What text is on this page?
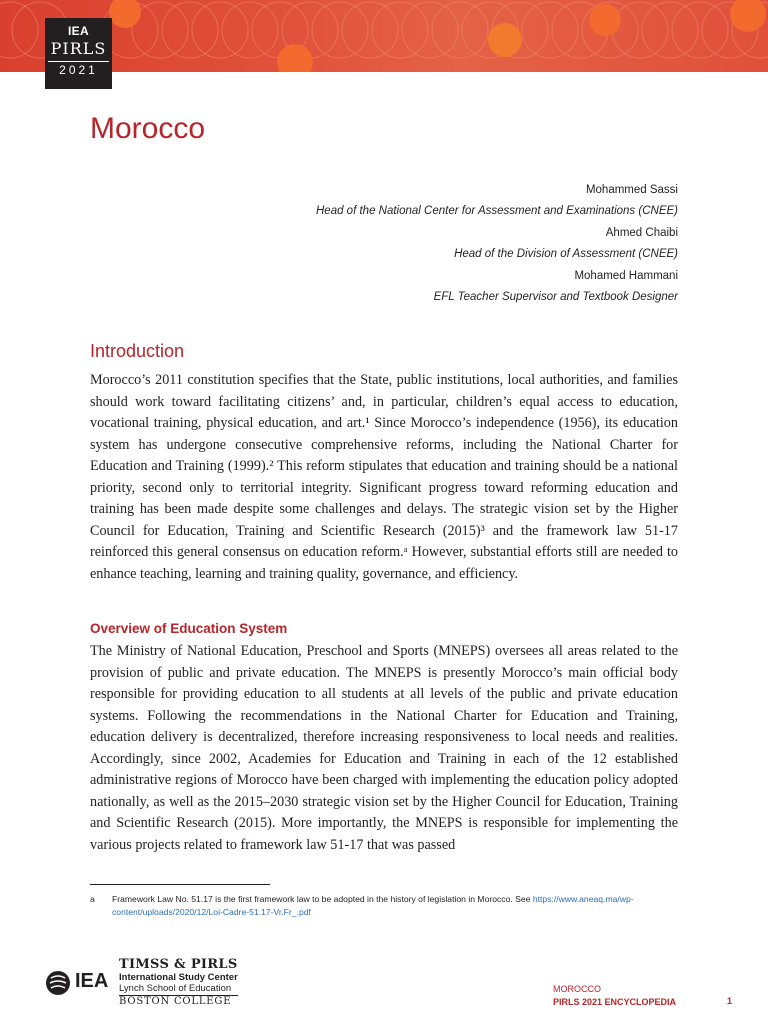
IEA
PIRLS
2021
Morocco
Mohammed Sassi
Head of the National Center for Assessment and Examinations (CNEE)
Ahmed Chaibi
Head of the Division of Assessment (CNEE)
Mohamed Hammani
EFL Teacher Supervisor and Textbook Designer
Introduction

Morocco’s 2011 constitution specifies that the State, public institutions, local authorities, and families should work toward facilitating citizens’ and, in particular, children’s equal access to education, vocational training, physical education, and art.¹ Since Morocco’s independence (1956), its education system has undergone consecutive comprehensive reforms, including the National Charter for Education and Training (1999).² This reform stipulates that education and training should be a national priority, second only to territorial integrity. Significant progress toward reforming education and training has been made despite some challenges and delays. The strategic vision set by the Higher Council for Education, Training and Scientific Research (2015)³ and the framework law 51-17 reinforced this general consensus on education reform.ᵃ However, substantial efforts still are needed to enhance teaching, learning and training quality, governance, and efficiency.

Overview of Education System

The Ministry of National Education, Preschool and Sports (MNEPS) oversees all areas related to the provision of public and private education. The MNEPS is presently Morocco’s main official body responsible for providing education to all students at all levels of the public and private education systems. Following the recommendations in the National Charter for Education and Training, education delivery is decentralized, therefore increasing responsiveness to local needs and realities. Accordingly, since 2002, Academies for Education and Training in each of the 12 established administrative regions of Morocco have been charged with implementing the education policy adopted nationally, as well as the 2015–2030 strategic vision set by the Higher Council for Education, Training and Scientific Research (2015). More importantly, the MNEPS is responsible for implementing the various projects related to framework law 51-17 that was passed

a Framework Law No. 51.17 is the first framework law to be adopted in the history of legislation in Morocco. See https://www.aneaq.ma/wp-
content/uploads/2020/12/Loi-Cadre-51.17-Vr.Fr_.pdf
IEA
TIMSS & PIRLS
International Study Center
Lynch School of Education
BOSTON COLLEGE
MOROCCO
PIRLS 2021 ENCYCLOPEDIA	1
